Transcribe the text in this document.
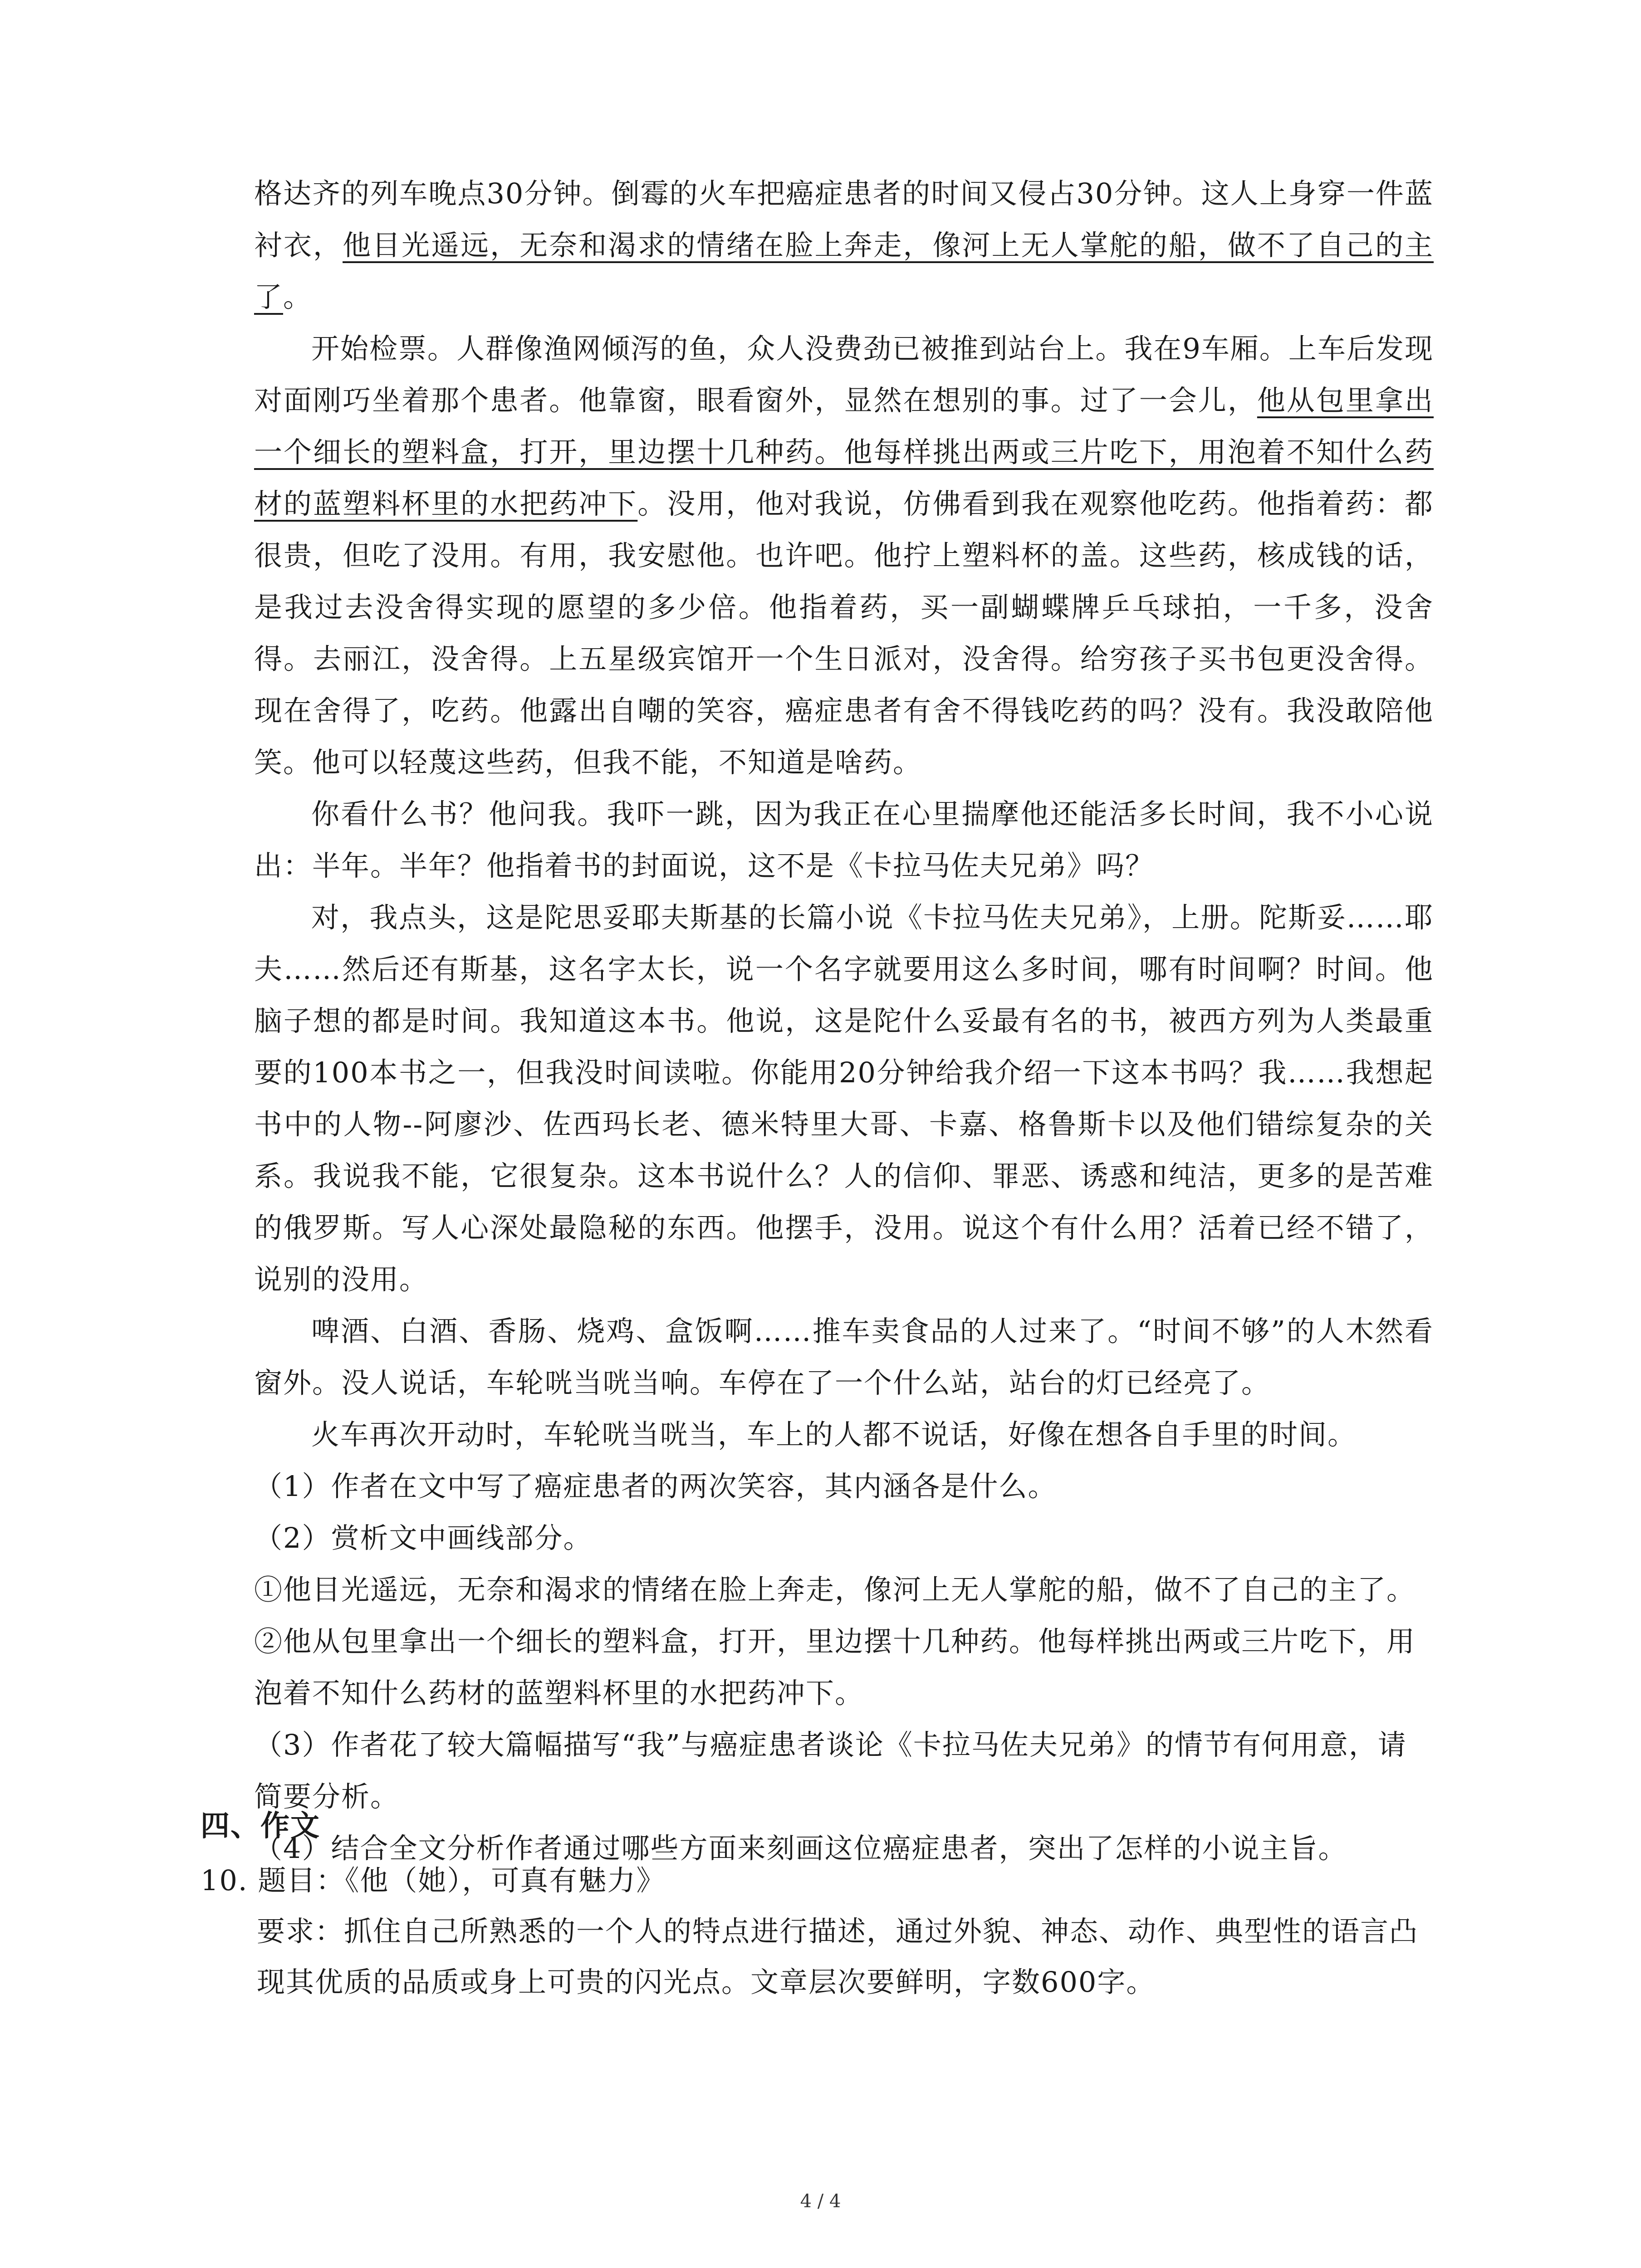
格达齐的列车晚点30分钟。倒霉的火车把癌症患者的时间又侵占30分钟。这人上身穿一件蓝衬衣，他目光遥远，无奈和渴求的情绪在脸上奔走，像河上无人掌舵的船，做不了自己的主了。

开始检票。人群像渔网倾泻的鱼，众人没费劲已被推到站台上。我在9车厢。上车后发现对面刚巧坐着那个患者。他靠窗，眼看窗外，显然在想别的事。过了一会儿，他从包里拿出一个细长的塑料盒，打开，里边摆十几种药。他每样挑出两或三片吃下，用泡着不知什么药材的蓝塑料杯里的水把药冲下。没用，他对我说，仿佛看到我在观察他吃药。他指着药：都很贵，但吃了没用。有用，我安慰他。也许吧。他拧上塑料杯的盖。这些药，核成钱的话，是我过去没舍得实现的愿望的多少倍。他指着药，买一副蝴蝶牌乒乓球拍，一千多，没舍得。去丽江，没舍得。上五星级宾馆开一个生日派对，没舍得。给穷孩子买书包更没舍得。现在舍得了，吃药。他露出自嘲的笑容，癌症患者有舍不得钱吃药的吗？没有。我没敢陪他笑。他可以轻蔑这些药，但我不能，不知道是啥药。

你看什么书？他问我。我吓一跳，因为我正在心里揣摩他还能活多长时间，我不小心说出：半年。半年？他指着书的封面说，这不是《卡拉马佐夫兄弟》吗？

对，我点头，这是陀思妥耶夫斯基的长篇小说《卡拉马佐夫兄弟》，上册。陀斯妥……耶夫……然后还有斯基，这名字太长，说一个名字就要用这么多时间，哪有时间啊？时间。他脑子想的都是时间。我知道这本书。他说，这是陀什么妥最有名的书，被西方列为人类最重要的100本书之一，但我没时间读啦。你能用20分钟给我介绍一下这本书吗？我……我想起书中的人物--阿廖沙、佐西玛长老、德米特里大哥、卡嘉、格鲁斯卡以及他们错综复杂的关系。我说我不能，它很复杂。这本书说什么？人的信仰、罪恶、诱惑和纯洁，更多的是苦难的俄罗斯。写人心深处最隐秘的东西。他摆手，没用。说这个有什么用？活着已经不错了，说别的没用。

啤酒、白酒、香肠、烧鸡、盒饭啊……推车卖食品的人过来了。“时间不够”的人木然看窗外。没人说话，车轮咣当咣当响。车停在了一个什么站，站台的灯已经亮了。

火车再次开动时，车轮咣当咣当，车上的人都不说话，好像在想各自手里的时间。

（1）作者在文中写了癌症患者的两次笑容，其内涵各是什么。

（2）赏析文中画线部分。

①他目光遥远，无奈和渴求的情绪在脸上奔走，像河上无人掌舵的船，做不了自己的主了。

②他从包里拿出一个细长的塑料盒，打开，里边摆十几种药。他每样挑出两或三片吃下，用泡着不知什么药材的蓝塑料杯里的水把药冲下。

（3）作者花了较大篇幅描写“我”与癌症患者谈论《卡拉马佐夫兄弟》的情节有何用意，请简要分析。

（4）结合全文分析作者通过哪些方面来刻画这位癌症患者，突出了怎样的小说主旨。

四、作文

10. 题目：《他（她），可真有魅力》

要求：抓住自己所熟悉的一个人的特点进行描述，通过外貌、神态、动作、典型性的语言凸现其优质的品质或身上可贵的闪光点。文章层次要鲜明，字数600字。

4 / 4
